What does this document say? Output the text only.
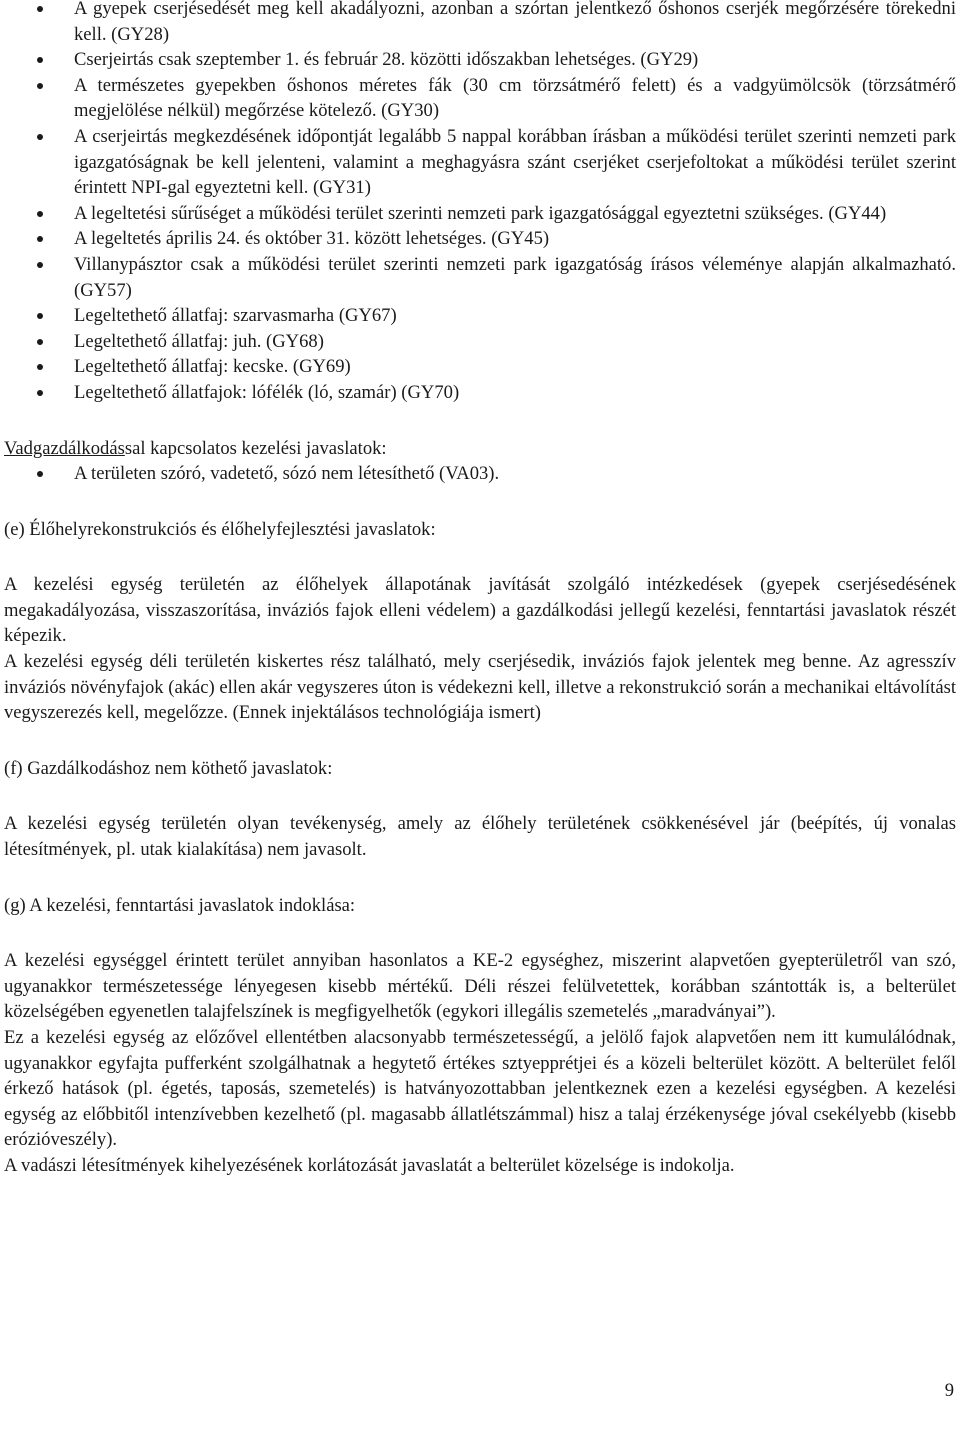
A gyepek cserjésedését meg kell akadályozni, azonban a szórtan jelentkező őshonos cserjék megőrzésére törekedni kell. (GY28)
Cserjeirtás csak szeptember 1. és február 28. közötti időszakban lehetséges. (GY29)
A természetes gyepekben őshonos méretes fák (30 cm törzsátmérő felett) és a vadgyümölcsök (törzsátmérő megjelölése nélkül) megőrzése kötelező. (GY30)
A cserjeirtás megkezdésének időpontját legalább 5 nappal korábban írásban a működési terület szerinti nemzeti park igazgatóságnak be kell jelenteni, valamint a meghagyásra szánt cserjéket cserjefoltokat a működési terület szerint érintett NPI-gal egyeztetni kell. (GY31)
A legeltetési sűrűséget a működési terület szerinti nemzeti park igazgatósággal egyeztetni szükséges. (GY44)
A legeltetés április 24. és október 31. között lehetséges. (GY45)
Villanypásztor csak a működési terület szerinti nemzeti park igazgatóság írásos véleménye alapján alkalmazható. (GY57)
Legeltethető állatfaj: szarvasmarha (GY67)
Legeltethető állatfaj: juh. (GY68)
Legeltethető állatfaj: kecske. (GY69)
Legeltethető állatfajok: lófélék (ló, szamár) (GY70)
Vadgazdálkodással kapcsolatos kezelési javaslatok:
A területen szóró, vadetető, sózó nem létesíthető (VA03).
(e) Élőhelyrekonstrukciós és élőhelyfejlesztési javaslatok:

A kezelési egység területén az élőhelyek állapotának javítását szolgáló intézkedések (gyepek cserjésedésének megakadályozása, visszaszorítása, inváziós fajok elleni védelem) a gazdálkodási jellegű kezelési, fenntartási javaslatok részét képezik.

A kezelési egység déli területén kiskertes rész található, mely cserjésedik, inváziós fajok jelentek meg benne. Az agresszív inváziós növényfajok (akác) ellen akár vegyszeres úton is védekezni kell, illetve a rekonstrukció során a mechanikai eltávolítást vegyszerezés kell, megelőzze. (Ennek injektálásos technológiája ismert)

(f) Gazdálkodáshoz nem köthető javaslatok:

A kezelési egység területén olyan tevékenység, amely az élőhely területének csökkenésével jár (beépítés, új vonalas létesítmények, pl. utak kialakítása) nem javasolt.

(g) A kezelési, fenntartási javaslatok indoklása:

A kezelési egységgel érintett terület annyiban hasonlatos a KE-2 egységhez, miszerint alapvetően gyepterületről van szó, ugyanakkor természetessége lényegesen kisebb mértékű. Déli részei felülvetettek, korábban szántották is, a belterület közelségében egyenetlen talajfelszínek is megfigyelhetők (egykori illegális szemetelés „maradványai”).

Ez a kezelési egység az előzővel ellentétben alacsonyabb természetességű, a jelölő fajok alapvetően nem itt kumulálódnak, ugyanakkor egyfajta pufferként szolgálhatnak a hegytető értékes sztyepprétjei és a közeli belterület között. A belterület felől érkező hatások (pl. égetés, taposás, szemetelés) is hatványozottabban jelentkeznek ezen a kezelési egységben. A kezelési egység az előbbitől intenzívebben kezelhető (pl. magasabb állatlétszámmal) hisz a talaj érzékenysége jóval csekélyebb (kisebb erózióveszély).

A vadászi létesítmények kihelyezésének korlátozását javaslatát a belterület közelsége is indokolja.

9
